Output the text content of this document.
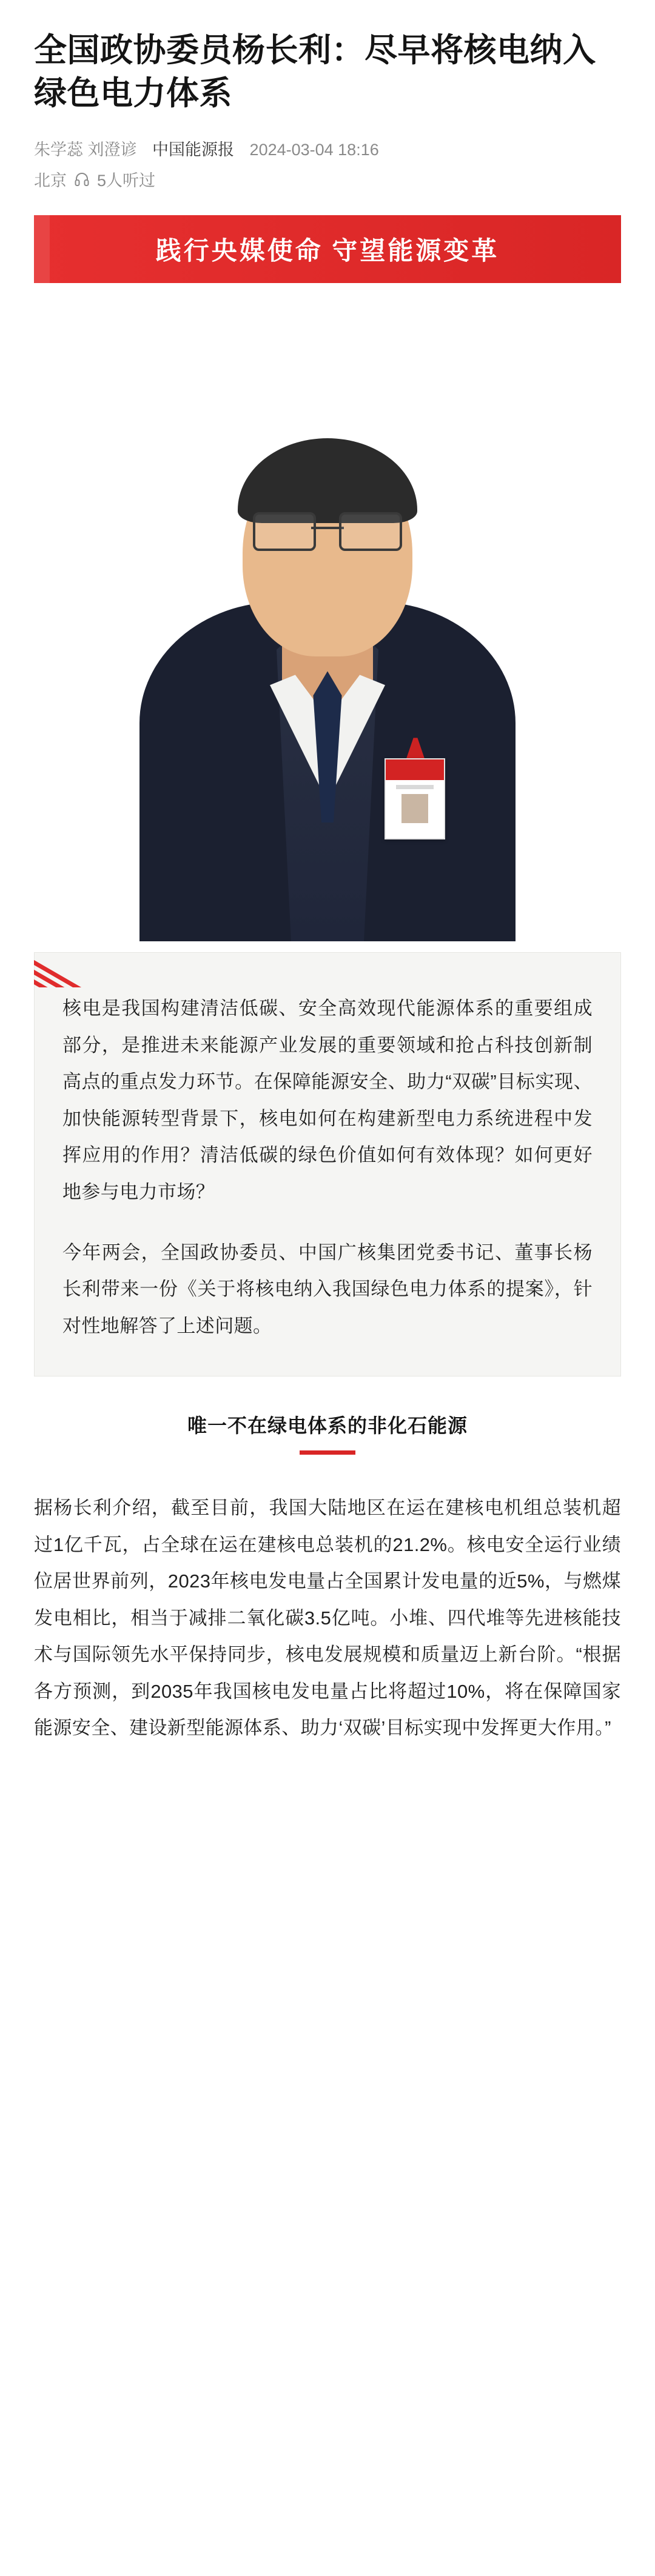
全国政协委员杨长利：尽早将核电纳入绿色电力体系
朱学蕊 刘澄谚 中国能源报 2024-03-04 18:16
北京 5人听过
践行央媒使命 守望能源变革

核电是我国构建清洁低碳、安全高效现代能源体系的重要组成部分，是推进未来能源产业发展的重要领域和抢占科技创新制高点的重点发力环节。在保障能源安全、助力“双碳”目标实现、加快能源转型背景下，核电如何在构建新型电力系统进程中发挥应用的作用？清洁低碳的绿色价值如何有效体现？如何更好地参与电力市场？

今年两会，全国政协委员、中国广核集团党委书记、董事长杨长利带来一份《关于将核电纳入我国绿色电力体系的提案》，针对性地解答了上述问题。

唯一不在绿电体系的非化石能源

据杨长利介绍，截至目前，我国大陆地区在运在建核电机组总装机超过1亿千瓦，占全球在运在建核电总装机的21.2%。核电安全运行业绩位居世界前列，2023年核电发电量占全国累计发电量的近5%，与燃煤发电相比，相当于减排二氧化碳3.5亿吨。小堆、四代堆等先进核能技术与国际领先水平保持同步，核电发展规模和质量迈上新台阶。“根据各方预测，到2035年我国核电发电量占比将超过10%，将在保障国家能源安全、建设新型能源体系、助力‘双碳’目标实现中发挥更大作用。”
